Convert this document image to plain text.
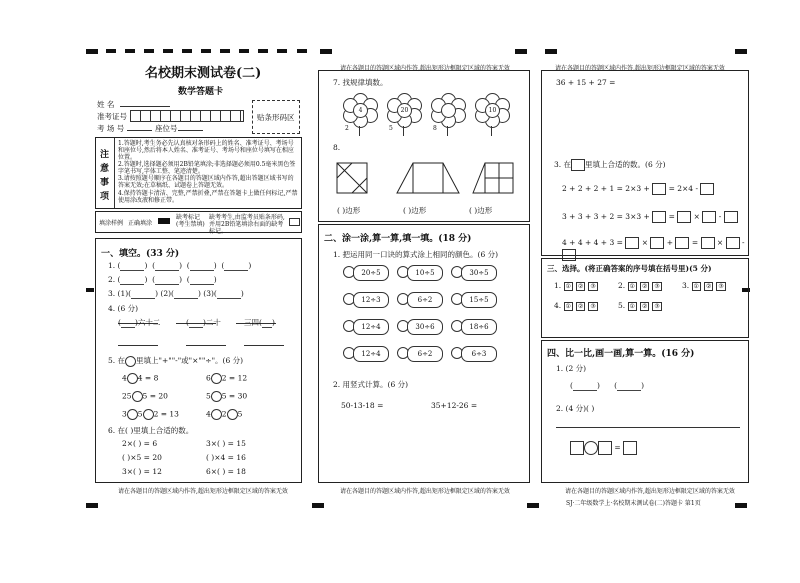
名校期末测试卷(二)
数学答题卡
姓 名
准考证号
考 场 号	座位号
贴条形码区
注意事项
1.答题时,考生务必先认真核对条形码上的姓名、准考证号、考场号和座位号,然后将本人姓名、准考证号、考场号和座位号填写在相应位置。
2.答题时,选择题必须用2B铅笔填涂;非选择题必须用0.5毫米黑色签字笔书写,字体工整、笔迹清楚。
3.请按照题号顺序在各题目的答题区域内作答,超出答题区域书写的答案无效;在草稿纸、试题卷上答题无效。
4.保持答题卡清洁、完整,严禁折叠,严禁在答题卡上做任何标记,严禁使用涂改液和修正带。
填涂样例 正确填涂
缺考标记(考生禁填)
缺考考生,由监考员贴条形码,并用2B铅笔填涂右面的缺考标记。
一、填空。(33 分)
1. (	)  (	)  (	)  (	)
2. (	)  (	)  (	)
3. (1)(	) (2)(	) (3)(	)
4. (6 分)
( )六十二	( )二十	三四( )
5. 在 里填上"+""-"或"×""÷"。(6 分)
4 4 = 8	6 2 = 12
25 5 = 20	5 5 = 30
3 5 2 = 13	4 2 5
6. 在( )里填上合适的数。
2×( ) = 6	3×( ) = 15
( )×5 = 20	( )×4 = 16
3×( ) = 12	6×( ) = 18
请在各题目的答题区域内作答,超出矩形边框限定区域的答案无效
请在各题目的答题区域内作答,超出矩形边框限定区域的答案无效
7. 找规律填数。
8.
( )边形	( )边形	( )边形
4
2
20
5	8
10
二、涂一涂,算一算,填一填。(18 分)
1. 把运用同一口诀的算式涂上相同的颜色。(6 分)
2. 用竖式计算。(6 分)
50-13-18 =	35+12-26 =
20÷5	10÷5	30÷5
12÷3	6÷2	15÷5
12÷4	30÷6	18÷6
12÷4	6÷2	6÷3
请在各题目的答题区域内作答,超出矩形边框限定区域的答案无效
请在各题目的答题区域内作答,超出矩形边框限定区域的答案无效
36 + 15 + 27 =
3. 在 里填上合适的数。(6 分)
2 + 2 + 2 + 1 = 2×3 +	= 2×4 -
3 + 3 + 3 + 2 = 3×3 +  =  ×	-
4 + 4 + 4 + 3 =	×	+  =  ×	-
三、选择。(将正确答案的序号填在括号里)(5 分)
1. ① ② ③	2. ① ② ③	3. ① ② ③
4. ① ② ③	5. ① ② ③
四、比一比,画一画,算一算。(16 分)
1. (2 分)
(	)      (	)
2. (4 分)( )
=
请在各题目的答题区域内作答,超出矩形边框限定区域的答案无效
SJ·二年级数学上·名校期末测试卷(二)答题卡 第1页
